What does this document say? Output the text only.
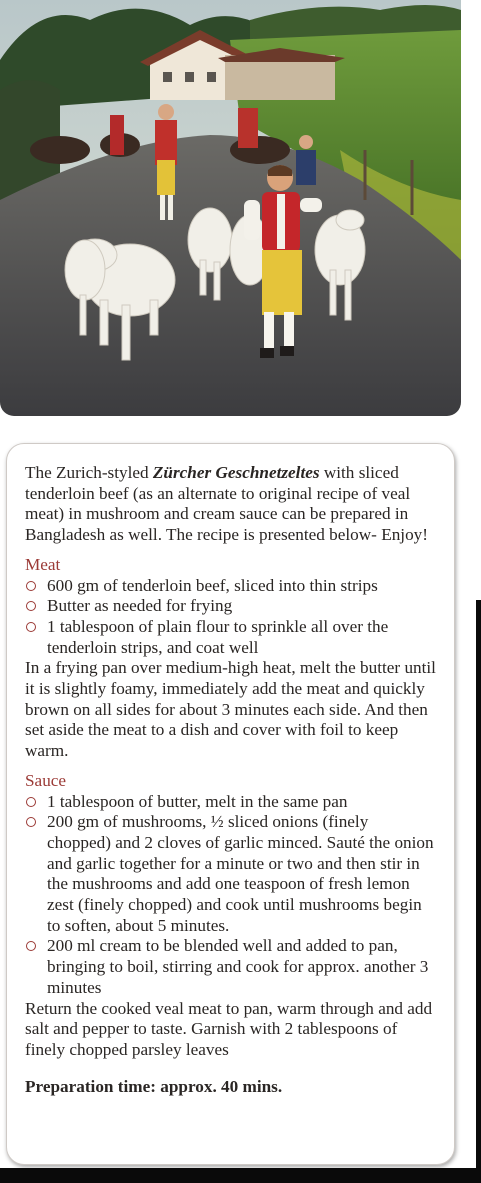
The Zurich-styled Zürcher Geschnetzeltes with sliced tenderloin beef (as an alternate to original recipe of veal meat) in mushroom and cream sauce can be prepared in Bangladesh as well. The recipe is presented below- Enjoy!

Meat

600 gm of tenderloin beef, sliced into thin strips
Butter as needed for frying
1 tablespoon of plain flour to sprinkle all over the tenderloin strips, and coat well

In a frying pan over medium-high heat, melt the butter until it is slightly foamy, immediately add the meat and quickly brown on all sides for about 3 minutes each side. And then set aside the meat to a dish and cover with foil to keep warm.

Sauce

1 tablespoon of butter, melt in the same pan
200 gm of mushrooms, ½ sliced onions (finely chopped) and 2 cloves of garlic minced. Sauté the onion and garlic together for a minute or two and then stir in the mushrooms and add one teaspoon of fresh lemon zest (finely chopped) and cook until mushrooms begin to soften, about 5 minutes.
200 ml cream to be blended well and added to pan, bringing to boil, stirring and cook for approx. another 3 minutes

Return the cooked veal meat to pan, warm through and add salt and pepper to taste. Garnish with 2 tablespoons of finely chopped parsley leaves

Preparation time: approx. 40 mins.
